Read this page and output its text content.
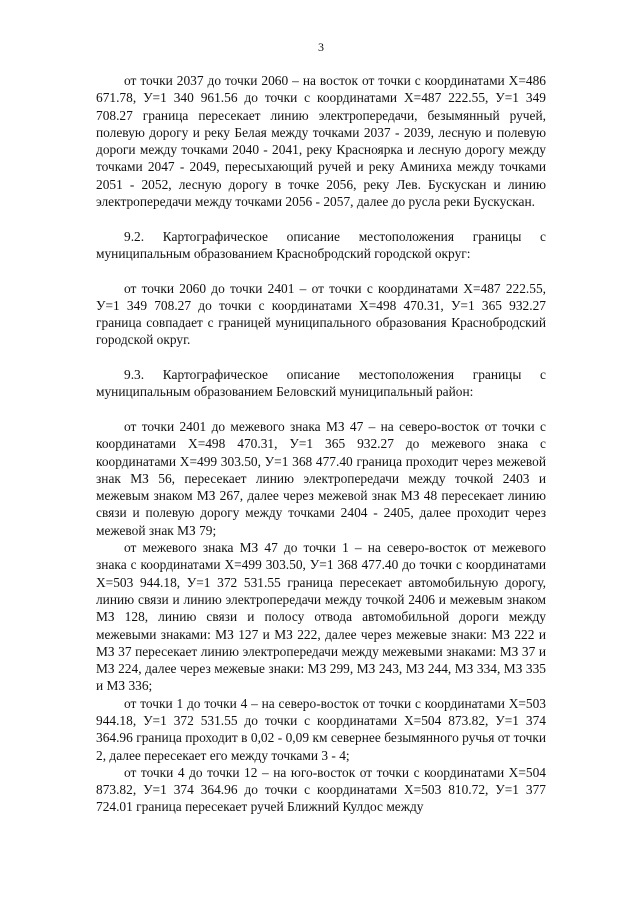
3

от точки 2037 до точки 2060 – на восток от точки с координатами X=486 671.78, У=1 340 961.56 до точки с координатами X=487 222.55, У=1 349 708.27 граница пересекает линию электропередачи, безымянный ручей, полевую дорогу и реку Белая между точками 2037 - 2039, лесную и полевую дороги между точками 2040 - 2041, реку Красноярка и лесную дорогу между точками 2047 - 2049, пересыхающий ручей и реку Аминиха между точками 2051 - 2052, лесную дорогу в точке 2056, реку Лев. Бускускан и линию электропередачи между точками 2056 - 2057, далее до русла реки Бускускан.

9.2. Картографическое описание местоположения границы с муниципальным образованием Краснобродский городской округ:

от точки 2060 до точки 2401 – от точки с координатами X=487 222.55, У=1 349 708.27 до точки с координатами X=498 470.31, У=1 365 932.27 граница совпадает с границей муниципального образования Краснобродский городской округ.

9.3. Картографическое описание местоположения границы с муниципальным образованием Беловский муниципальный район:

от точки 2401 до межевого знака МЗ 47 – на северо-восток от точки с координатами X=498 470.31, У=1 365 932.27 до межевого знака с координатами X=499 303.50, У=1 368 477.40 граница проходит через межевой знак МЗ 56, пересекает линию электропередачи между точкой 2403 и межевым знаком МЗ 267, далее через межевой знак МЗ 48 пересекает линию связи и полевую дорогу между точками 2404 - 2405, далее проходит через межевой знак МЗ 79;

от межевого знака МЗ 47 до точки 1 – на северо-восток от межевого знака с координатами X=499 303.50, У=1 368 477.40 до точки с координатами X=503 944.18, У=1 372 531.55 граница пересекает автомобильную дорогу, линию связи и линию электропередачи между точкой 2406 и межевым знаком МЗ 128, линию связи и полосу отвода автомобильной дороги между межевыми знаками: МЗ 127 и МЗ 222, далее через межевые знаки: МЗ 222 и МЗ 37 пересекает линию электропередачи между межевыми знаками: МЗ 37 и МЗ 224, далее через межевые знаки: МЗ 299, МЗ 243, МЗ 244, МЗ 334, МЗ 335 и МЗ 336;

от точки 1 до точки 4 – на северо-восток от точки с координатами X=503 944.18, У=1 372 531.55 до точки с координатами X=504 873.82, У=1 374 364.96 граница проходит в 0,02 - 0,09 км севернее безымянного ручья от точки 2, далее пересекает его между точками 3 - 4;

от точки 4 до точки 12 – на юго-восток от точки с координатами X=504 873.82, У=1 374 364.96 до точки с координатами X=503 810.72, У=1 377 724.01 граница пересекает ручей Ближний Кулдос между
